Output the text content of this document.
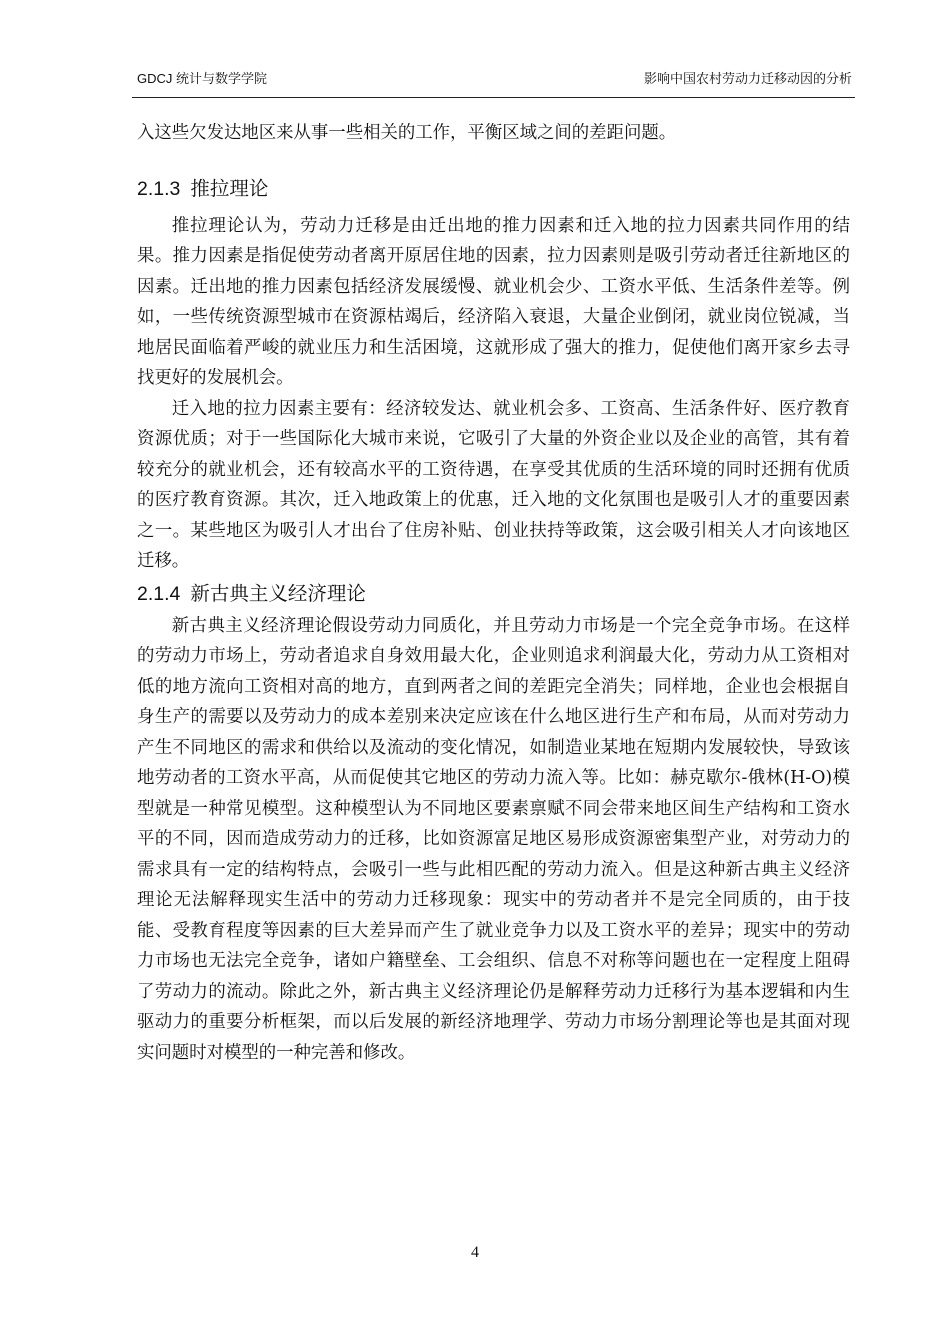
GDCJ 统计与数学学院	影响中国农村劳动力迁移动因的分析

入这些欠发达地区来从事一些相关的工作，平衡区域之间的差距问题。

2.1.3 推拉理论

推拉理论认为，劳动力迁移是由迁出地的推力因素和迁入地的拉力因素共同作用的结果。推力因素是指促使劳动者离开原居住地的因素，拉力因素则是吸引劳动者迁往新地区的因素。迁出地的推力因素包括经济发展缓慢、就业机会少、工资水平低、生活条件差等。例如，一些传统资源型城市在资源枯竭后，经济陷入衰退，大量企业倒闭，就业岗位锐减，当地居民面临着严峻的就业压力和生活困境，这就形成了强大的推力，促使他们离开家乡去寻找更好的发展机会。

迁入地的拉力因素主要有：经济较发达、就业机会多、工资高、生活条件好、医疗教育资源优质；对于一些国际化大城市来说，它吸引了大量的外资企业以及企业的高管，其有着较充分的就业机会，还有较高水平的工资待遇，在享受其优质的生活环境的同时还拥有优质的医疗教育资源。其次，迁入地政策上的优惠，迁入地的文化氛围也是吸引人才的重要因素之一。某些地区为吸引人才出台了住房补贴、创业扶持等政策，这会吸引相关人才向该地区迁移。

2.1.4 新古典主义经济理论

新古典主义经济理论假设劳动力同质化，并且劳动力市场是一个完全竞争市场。在这样的劳动力市场上，劳动者追求自身效用最大化，企业则追求利润最大化，劳动力从工资相对低的地方流向工资相对高的地方，直到两者之间的差距完全消失；同样地，企业也会根据自身生产的需要以及劳动力的成本差别来决定应该在什么地区进行生产和布局，从而对劳动力产生不同地区的需求和供给以及流动的变化情况，如制造业某地在短期内发展较快，导致该地劳动者的工资水平高，从而促使其它地区的劳动力流入等。比如：赫克歇尔-俄林(H-O)模型就是一种常见模型。这种模型认为不同地区要素禀赋不同会带来地区间生产结构和工资水平的不同，因而造成劳动力的迁移，比如资源富足地区易形成资源密集型产业，对劳动力的需求具有一定的结构特点，会吸引一些与此相匹配的劳动力流入。但是这种新古典主义经济理论无法解释现实生活中的劳动力迁移现象：现实中的劳动者并不是完全同质的，由于技能、受教育程度等因素的巨大差异而产生了就业竞争力以及工资水平的差异；现实中的劳动力市场也无法完全竞争，诸如户籍壁垒、工会组织、信息不对称等问题也在一定程度上阻碍了劳动力的流动。除此之外，新古典主义经济理论仍是解释劳动力迁移行为基本逻辑和内生驱动力的重要分析框架，而以后发展的新经济地理学、劳动力市场分割理论等也是其面对现实问题时对模型的一种完善和修改。

4
